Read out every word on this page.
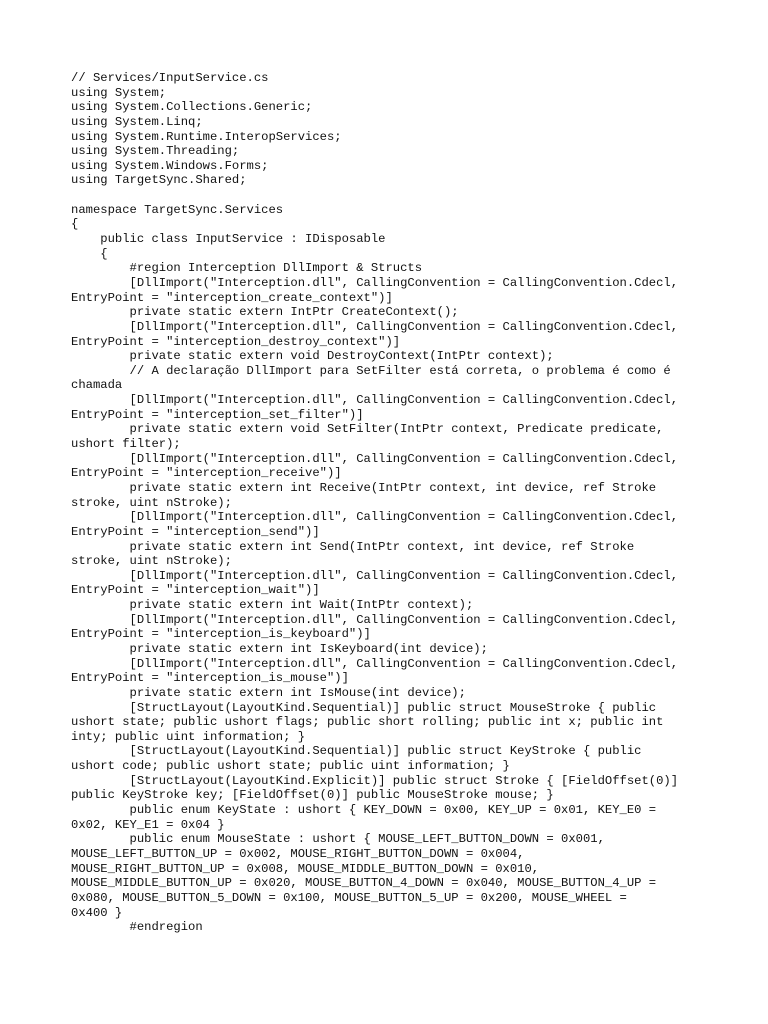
// Services/InputService.cs
using System;
using System.Collections.Generic;
using System.Linq;
using System.Runtime.InteropServices;
using System.Threading;
using System.Windows.Forms;
using TargetSync.Shared;
namespace TargetSync.Services
{
public class InputService : IDisposable
{
#region Interception DllImport & Structs
[DllImport("Interception.dll", CallingConvention = CallingConvention.Cdecl,
EntryPoint = "interception_create_context")]
private static extern IntPtr CreateContext();
[DllImport("Interception.dll", CallingConvention = CallingConvention.Cdecl,
EntryPoint = "interception_destroy_context")]
private static extern void DestroyContext(IntPtr context);
// A declaração DllImport para SetFilter está correta, o problema é como é
chamada
[DllImport("Interception.dll", CallingConvention = CallingConvention.Cdecl,
EntryPoint = "interception_set_filter")]
private static extern void SetFilter(IntPtr context, Predicate predicate,
ushort filter);
[DllImport("Interception.dll", CallingConvention = CallingConvention.Cdecl,
EntryPoint = "interception_receive")]
private static extern int Receive(IntPtr context, int device, ref Stroke
stroke, uint nStroke);
[DllImport("Interception.dll", CallingConvention = CallingConvention.Cdecl,
EntryPoint = "interception_send")]
private static extern int Send(IntPtr context, int device, ref Stroke
stroke, uint nStroke);
[DllImport("Interception.dll", CallingConvention = CallingConvention.Cdecl,
EntryPoint = "interception_wait")]
private static extern int Wait(IntPtr context);
[DllImport("Interception.dll", CallingConvention = CallingConvention.Cdecl,
EntryPoint = "interception_is_keyboard")]
private static extern int IsKeyboard(int device);
[DllImport("Interception.dll", CallingConvention = CallingConvention.Cdecl,
EntryPoint = "interception_is_mouse")]
private static extern int IsMouse(int device);
[StructLayout(LayoutKind.Sequential)] public struct MouseStroke { public
ushort state; public ushort flags; public short rolling; public int x; public int
inty; public uint information; }
[StructLayout(LayoutKind.Sequential)] public struct KeyStroke { public
ushort code; public ushort state; public uint information; }
[StructLayout(LayoutKind.Explicit)] public struct Stroke { [FieldOffset(0)]
public KeyStroke key; [FieldOffset(0)] public MouseStroke mouse; }
public enum KeyState : ushort { KEY_DOWN = 0x00, KEY_UP = 0x01, KEY_E0 =
0x02, KEY_E1 = 0x04 }
public enum MouseState : ushort { MOUSE_LEFT_BUTTON_DOWN = 0x001,
MOUSE_LEFT_BUTTON_UP = 0x002, MOUSE_RIGHT_BUTTON_DOWN = 0x004,
MOUSE_RIGHT_BUTTON_UP = 0x008, MOUSE_MIDDLE_BUTTON_DOWN = 0x010,
MOUSE_MIDDLE_BUTTON_UP = 0x020, MOUSE_BUTTON_4_DOWN = 0x040, MOUSE_BUTTON_4_UP =
0x080, MOUSE_BUTTON_5_DOWN = 0x100, MOUSE_BUTTON_5_UP = 0x200, MOUSE_WHEEL =
0x400 }
#endregion
